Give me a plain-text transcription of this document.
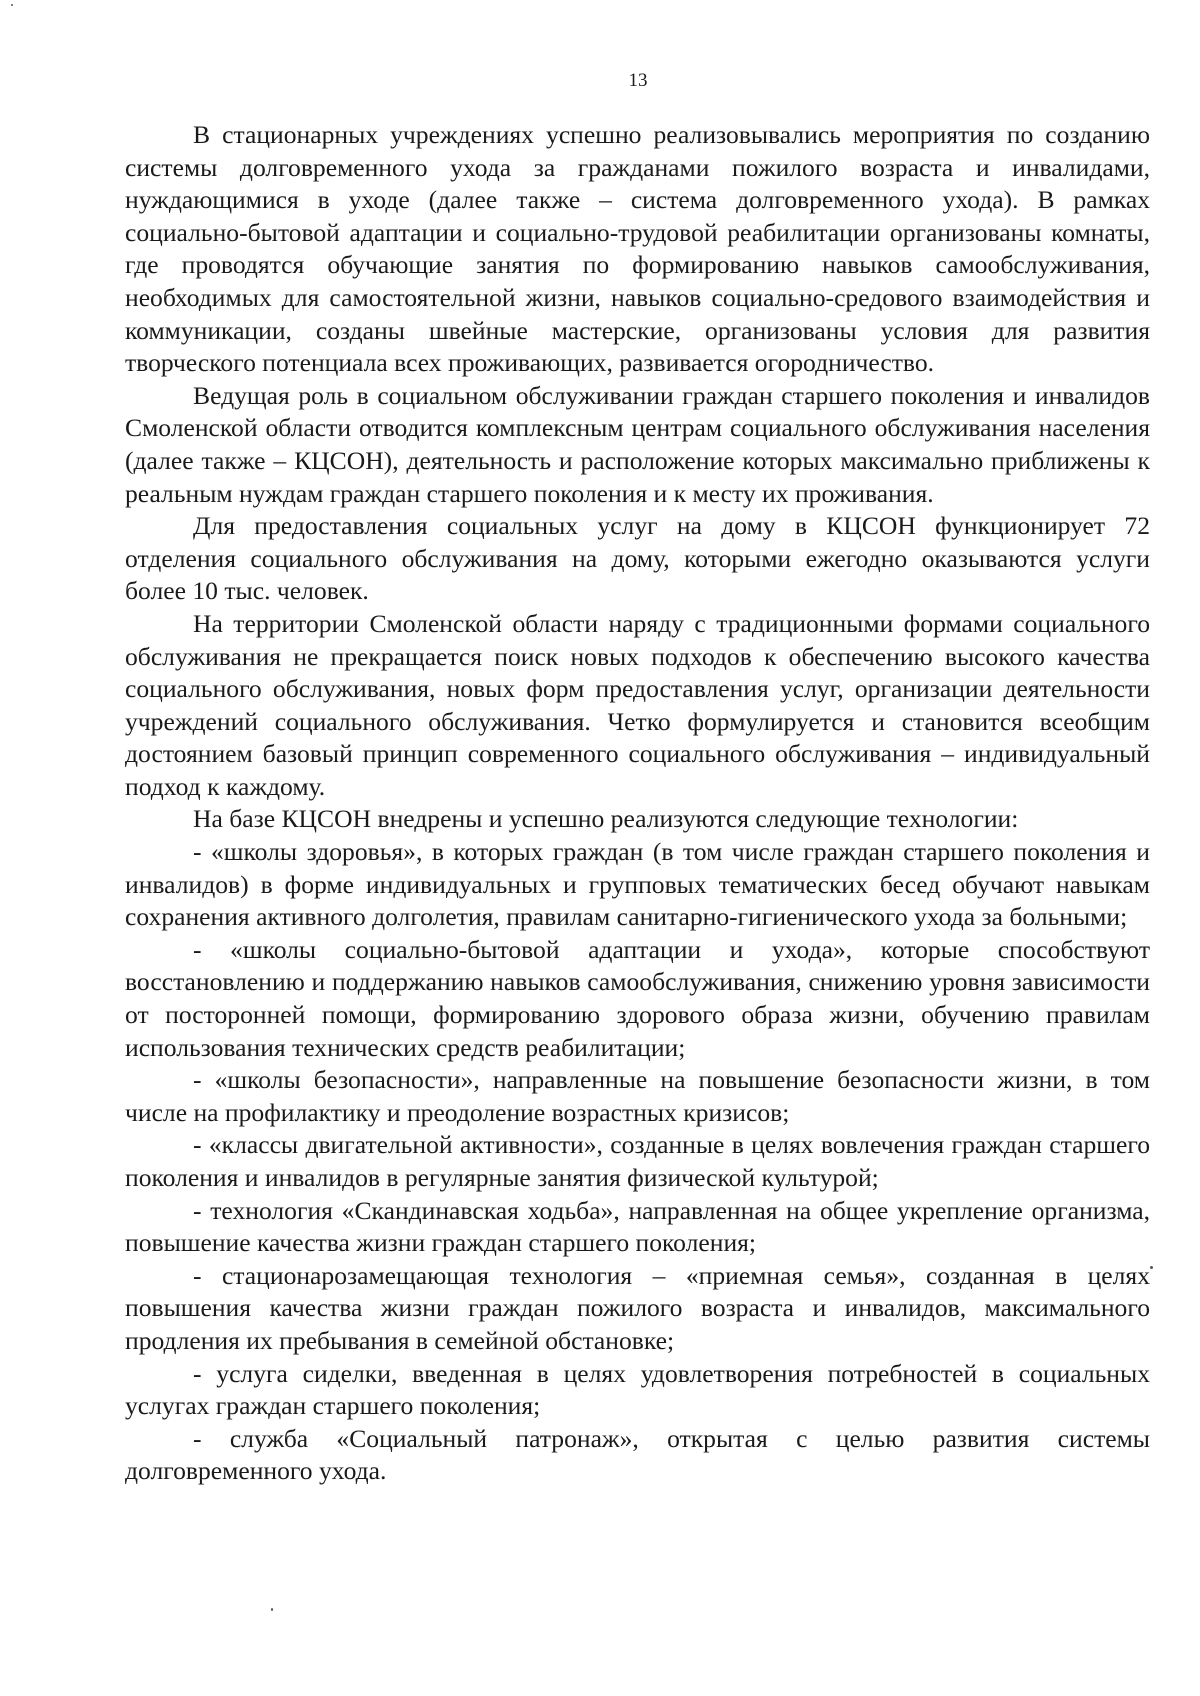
13

В стационарных учреждениях успешно реализовывались мероприятия по созданию системы долговременного ухода за гражданами пожилого возраста и инвалидами, нуждающимися в уходе (далее также – система долговременного ухода). В рамках социально-бытовой адаптации и социально-трудовой реабилитации организованы комнаты, где проводятся обучающие занятия по формированию навыков самообслуживания, необходимых для самостоятельной жизни, навыков социально-средового взаимодействия и коммуникации, созданы швейные мастерские, организованы условия для развития творческого потенциала всех проживающих, развивается огородничество.

Ведущая роль в социальном обслуживании граждан старшего поколения и инвалидов Смоленской области отводится комплексным центрам социального обслуживания населения (далее также – КЦСОН), деятельность и расположение которых максимально приближены к реальным нуждам граждан старшего поколения и к месту их проживания.

Для предоставления социальных услуг на дому в КЦСОН функционирует 72 отделения социального обслуживания на дому, которыми ежегодно оказываются услуги более 10 тыс. человек.

На территории Смоленской области наряду с традиционными формами социального обслуживания не прекращается поиск новых подходов к обеспечению высокого качества социального обслуживания, новых форм предоставления услуг, организации деятельности учреждений социального обслуживания. Четко формулируется и становится всеобщим достоянием базовый принцип современного социального обслуживания – индивидуальный подход к каждому.

На базе КЦСОН внедрены и успешно реализуются следующие технологии:

- «школы здоровья», в которых граждан (в том числе граждан старшего поколения и инвалидов) в форме индивидуальных и групповых тематических бесед обучают навыкам сохранения активного долголетия, правилам санитарно-гигиенического ухода за больными;

- «школы социально-бытовой адаптации и ухода», которые способствуют восстановлению и поддержанию навыков самообслуживания, снижению уровня зависимости от посторонней помощи, формированию здорового образа жизни, обучению правилам использования технических средств реабилитации;

- «школы безопасности», направленные на повышение безопасности жизни, в том числе на профилактику и преодоление возрастных кризисов;

- «классы двигательной активности», созданные в целях вовлечения граждан старшего поколения и инвалидов в регулярные занятия физической культурой;

- технология «Скандинавская ходьба», направленная на общее укрепление организма, повышение качества жизни граждан старшего поколения;

- стационарозамещающая технология – «приемная семья», созданная в целях повышения качества жизни граждан пожилого возраста и инвалидов, максимального продления их пребывания в семейной обстановке;

- услуга сиделки, введенная в целях удовлетворения потребностей в социальных услугах граждан старшего поколения;

- служба «Социальный патронаж», открытая с целью развития системы долговременного ухода.
